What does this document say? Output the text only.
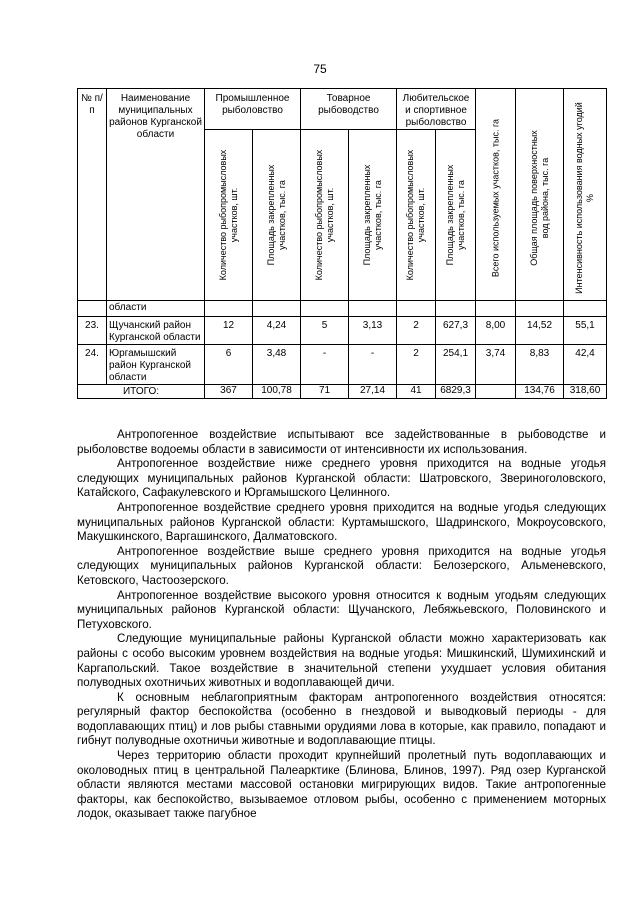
75
№ п/п	Наименование муниципальных районов Курганской области	Промышленное рыболовство		Товарное рыбоводство		Любительское и спортивное рыболовство		Всего используемых участков, тыс. га	Общая площадь поверхностных вод района, тыс. га	Интенсивность использования водных угодий %

		Количество рыбопромысловых участков, шт.	Площадь закрепленных участков, тыс. га	Количество рыбопромысловых участков, шт.	Площадь закрепленных участков, тыс. га	Количество рыбопромысловых участков, шт.	Площадь закрепленных участков, тыс. га			

	области									
23.	Щучанский район Курганской области	12	4,24	5	3,13	2	627,3	8,00	14,52	55,1
24.	Юргамышский район Курганской области	6	3,48	-	-	2	254,1	3,74	8,83	42,4
ИТОГО:		367	100,78	71	27,14	41	6829,3		134,76	318,60

Антропогенное воздействие испытывают все задействованные в рыбоводстве и рыболовстве водоемы области в зависимости от интенсивности их использования.

Антропогенное воздействие ниже среднего уровня приходится на водные угодья следующих муниципальных районов Курганской области: Шатровского, Звериноголовского, Катайского, Сафакулевского и Юргамышского Целинного.

Антропогенное воздействие среднего уровня приходится на водные угодья следующих муниципальных районов Курганской области: Куртамышского, Шадринского, Мокроусовского, Макушкинского, Варгашинского, Далматовского.

Антропогенное воздействие выше среднего уровня приходится на водные угодья следующих муниципальных районов Курганской области: Белозерского, Альменевского, Кетовского, Частоозерского.

Антропогенное воздействие высокого уровня относится к водным угодьям следующих муниципальных районов Курганской области: Щучанского, Лебяжьевского, Половинского и Петуховского.

Следующие муниципальные районы Курганской области можно характеризовать как районы с особо высоким уровнем воздействия на водные угодья: Мишкинский, Шумихинский и Каргапольский. Такое воздействие в значительной степени ухудшает условия обитания полуводных охотничьих животных и водоплавающей дичи.

К основным неблагоприятным факторам антропогенного воздействия относятся: регулярный фактор беспокойства (особенно в гнездовой и выводковый периоды - для водоплавающих птиц) и лов рыбы ставными орудиями лова в которые, как правило, попадают и гибнут полуводные охотничьи животные и водоплавающие птицы.

Через территорию области проходит крупнейший пролетный путь водоплавающих и околоводных птиц в центральной Палеарктике (Блинова, Блинов, 1997). Ряд озер Курганской области являются местами массовой остановки мигрирующих видов. Такие антропогенные факторы, как беспокойство, вызываемое отловом рыбы, особенно с применением моторных лодок, оказывает также пагубное
